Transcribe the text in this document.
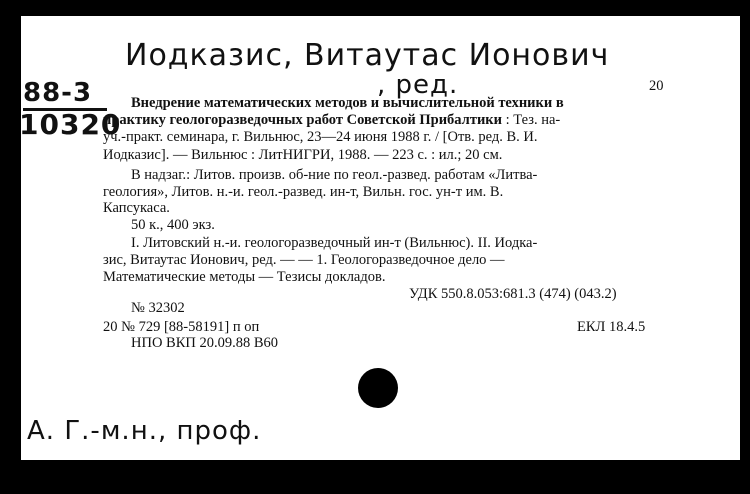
Иодказис, Витаутас Ионович
, ред.
88-3
10320
20
Внедрение математических методов и вычислительной техники в
практику геологоразведочных работ Советской Прибалтики : Тез. на-
уч.-практ. семинара, г. Вильнюс, 23—24 июня 1988 г. / [Отв. ред. В. И.
Иодказис]. — Вильнюс : ЛитНИГРИ, 1988. — 223 с. : ил.; 20 см.
В надзаг.: Литов. произв. об-ние по геол.-развед. работам «Литва-
геология», Литов. н.-и. геол.-развед. ин-т, Вильн. гос. ун-т им. В.
Капсукаса.
50 к., 400 экз.
I. Литовский н.-и. геологоразведочный ин-т (Вильнюс). II. Иодка-
зис, Витаутас Ионович, ред. — — 1. Геологоразведочное дело —
Математические методы — Тезисы докладов.
УДК 550.8.053:681.3 (474) (043.2)
№ 32302
20 № 729 [88-58191] п оп	ЕКЛ 18.4.5
НПО ВКП 20.09.88 В60
А. Г.-м.н., проф.
